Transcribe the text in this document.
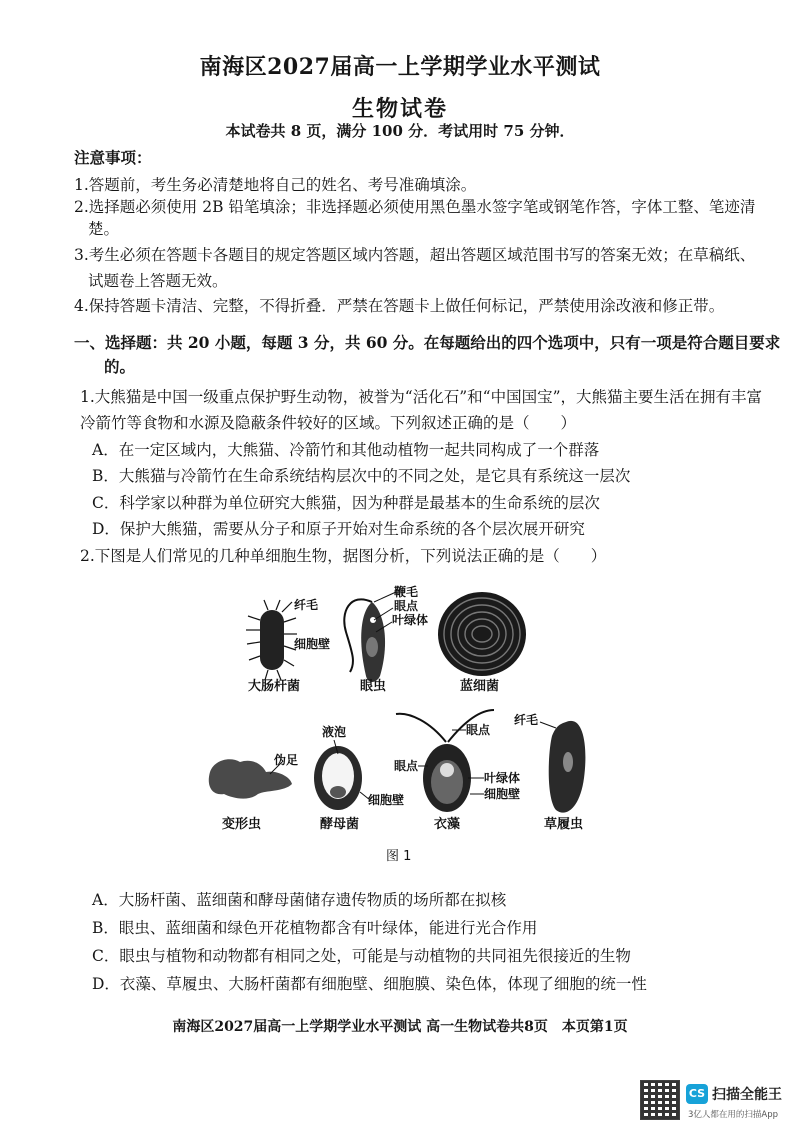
南海区2027届高一上学期学业水平测试
生物试卷
本试卷共 8 页，满分 100 分．考试用时 75 分钟．
注意事项：
1.答题前，考生务必清楚地将自己的姓名、考号准确填涂。
2.选择题必须使用 2B 铅笔填涂；非选择题必须使用黑色墨水签字笔或钢笔作答，字体工整、笔迹清
楚。
3.考生必须在答题卡各题目的规定答题区域内答题，超出答题区域范围书写的答案无效；在草稿纸、
试题卷上答题无效。
4.保持答题卡清洁、完整，不得折叠．严禁在答题卡上做任何标记，严禁使用涂改液和修正带。
一、选择题：共 20 小题，每题 3 分，共 60 分。在每题给出的四个选项中，只有一项是符合题目要求
的。
1.大熊猫是中国一级重点保护野生动物，被誉为“活化石”和“中国国宝”，大熊猫主要生活在拥有丰富
冷箭竹等食物和水源及隐蔽条件较好的区域。下列叙述正确的是（　　）
A．在一定区域内，大熊猫、冷箭竹和其他动植物一起共同构成了一个群落
B．大熊猫与冷箭竹在生命系统结构层次中的不同之处，是它具有系统这一层次
C．科学家以种群为单位研究大熊猫，因为种群是最基本的生命系统的层次
D．保护大熊猫，需要从分子和原子开始对生命系统的各个层次展开研究
2.下图是人们常见的几种单细胞生物，据图分析，下列说法正确的是（　　）
纤毛
细胞壁
大肠杆菌
鞭毛
眼点
叶绿体
眼虫	蓝细菌
伪足
变形虫
液泡
细胞壁
酵母菌
眼点
眼点
叶绿体
细胞壁
衣藻
纤毛
草履虫
图 1
A．大肠杆菌、蓝细菌和酵母菌储存遗传物质的场所都在拟核
B．眼虫、蓝细菌和绿色开花植物都含有叶绿体，能进行光合作用
C．眼虫与植物和动物都有相同之处，可能是与动植物的共同祖先很接近的生物
D．衣藻、草履虫、大肠杆菌都有细胞壁、细胞膜、染色体，体现了细胞的统一性
南海区2027届高一上学期学业水平测试 高一生物试卷共8页　本页第1页
CS 扫描全能王
3亿人都在用的扫描App
